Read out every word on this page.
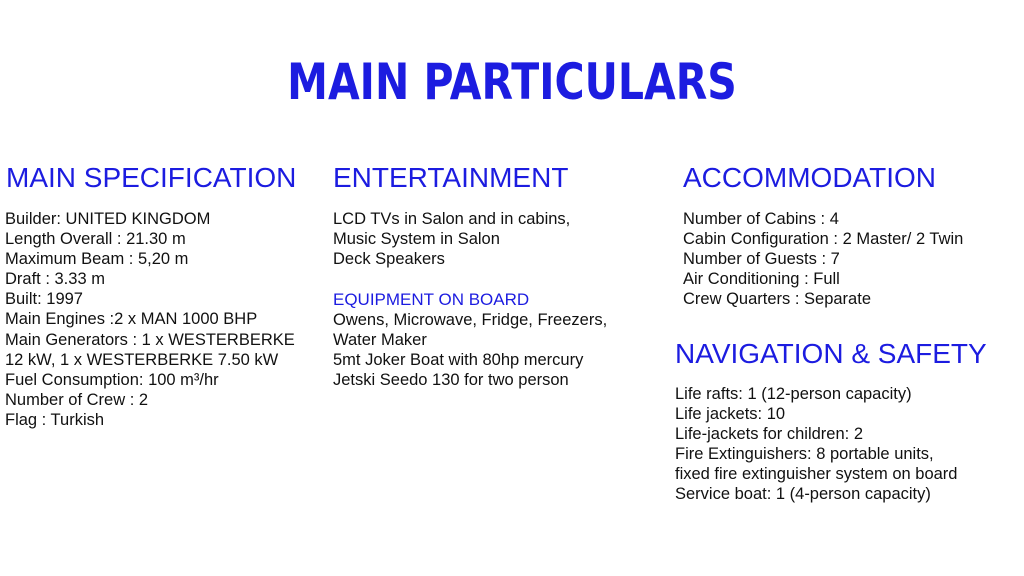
MAIN PARTICULARS
MAIN SPECIFICATION
Builder: UNITED KINGDOM
Length Overall : 21.30 m
Maximum Beam : 5,20 m
Draft : 3.33 m
Built: 1997
Main Engines :2 x MAN 1000 BHP
Main Generators : 1 x WESTERBERKE
12 kW, 1 x WESTERBERKE 7.50 kW
Fuel Consumption: 100 m³/hr
Number of Crew : 2
Flag : Turkish
ENTERTAINMENT
LCD TVs in Salon and in cabins,
Music System in Salon
Deck Speakers
EQUIPMENT ON BOARD
Owens, Microwave, Fridge, Freezers,
Water Maker
5mt Joker Boat with 80hp mercury
Jetski Seedo 130 for two person
ACCOMMODATION
Number of Cabins : 4
Cabin Configuration : 2 Master/ 2 Twin
Number of Guests : 7
Air Conditioning : Full
Crew Quarters : Separate
NAVIGATION & SAFETY
Life rafts: 1 (12-person capacity)
Life jackets: 10
Life-jackets for children: 2
Fire Extinguishers: 8 portable units,
fixed fire extinguisher system on board
Service boat: 1 (4-person capacity)
